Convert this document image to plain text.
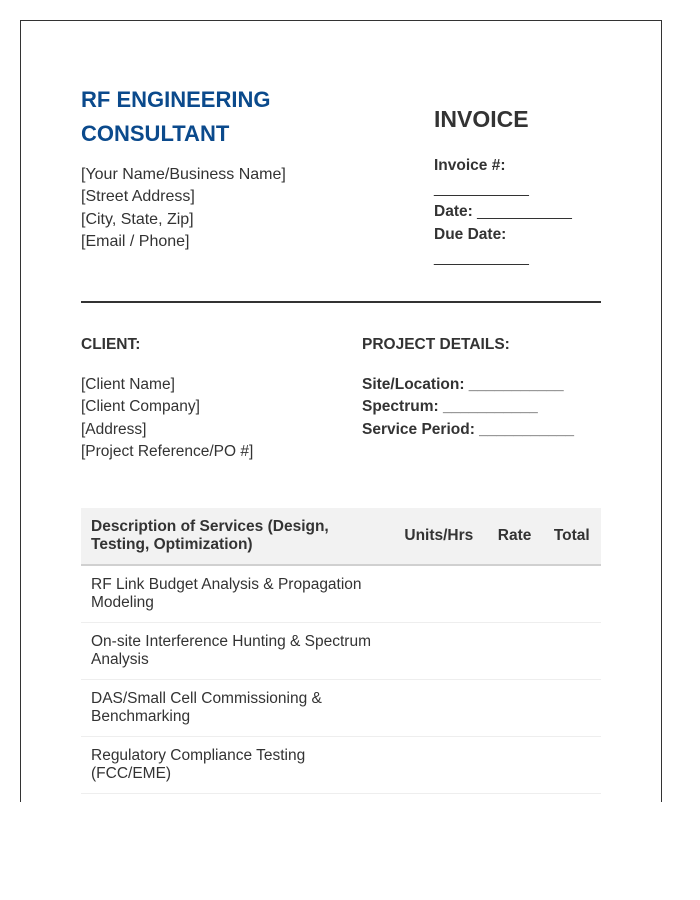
RF ENGINEERING
CONSULTANT
[Your Name/Business Name]
[Street Address]
[City, State, Zip]
[Email / Phone]
INVOICE
Invoice #:
___________
Date: ___________
Due Date:
___________
CLIENT:
[Client Name]
[Client Company]
[Address]
[Project Reference/PO #]
PROJECT DETAILS:
Site/Location: ___________
Spectrum: ___________
Service Period: ___________
Description of Services (Design, Testing, Optimization)	Units/Hrs	Rate	Total
RF Link Budget Analysis & Propagation Modeling			
On-site Interference Hunting & Spectrum Analysis			
DAS/Small Cell Commissioning & Benchmarking			
Regulatory Compliance Testing (FCC/EME)			
